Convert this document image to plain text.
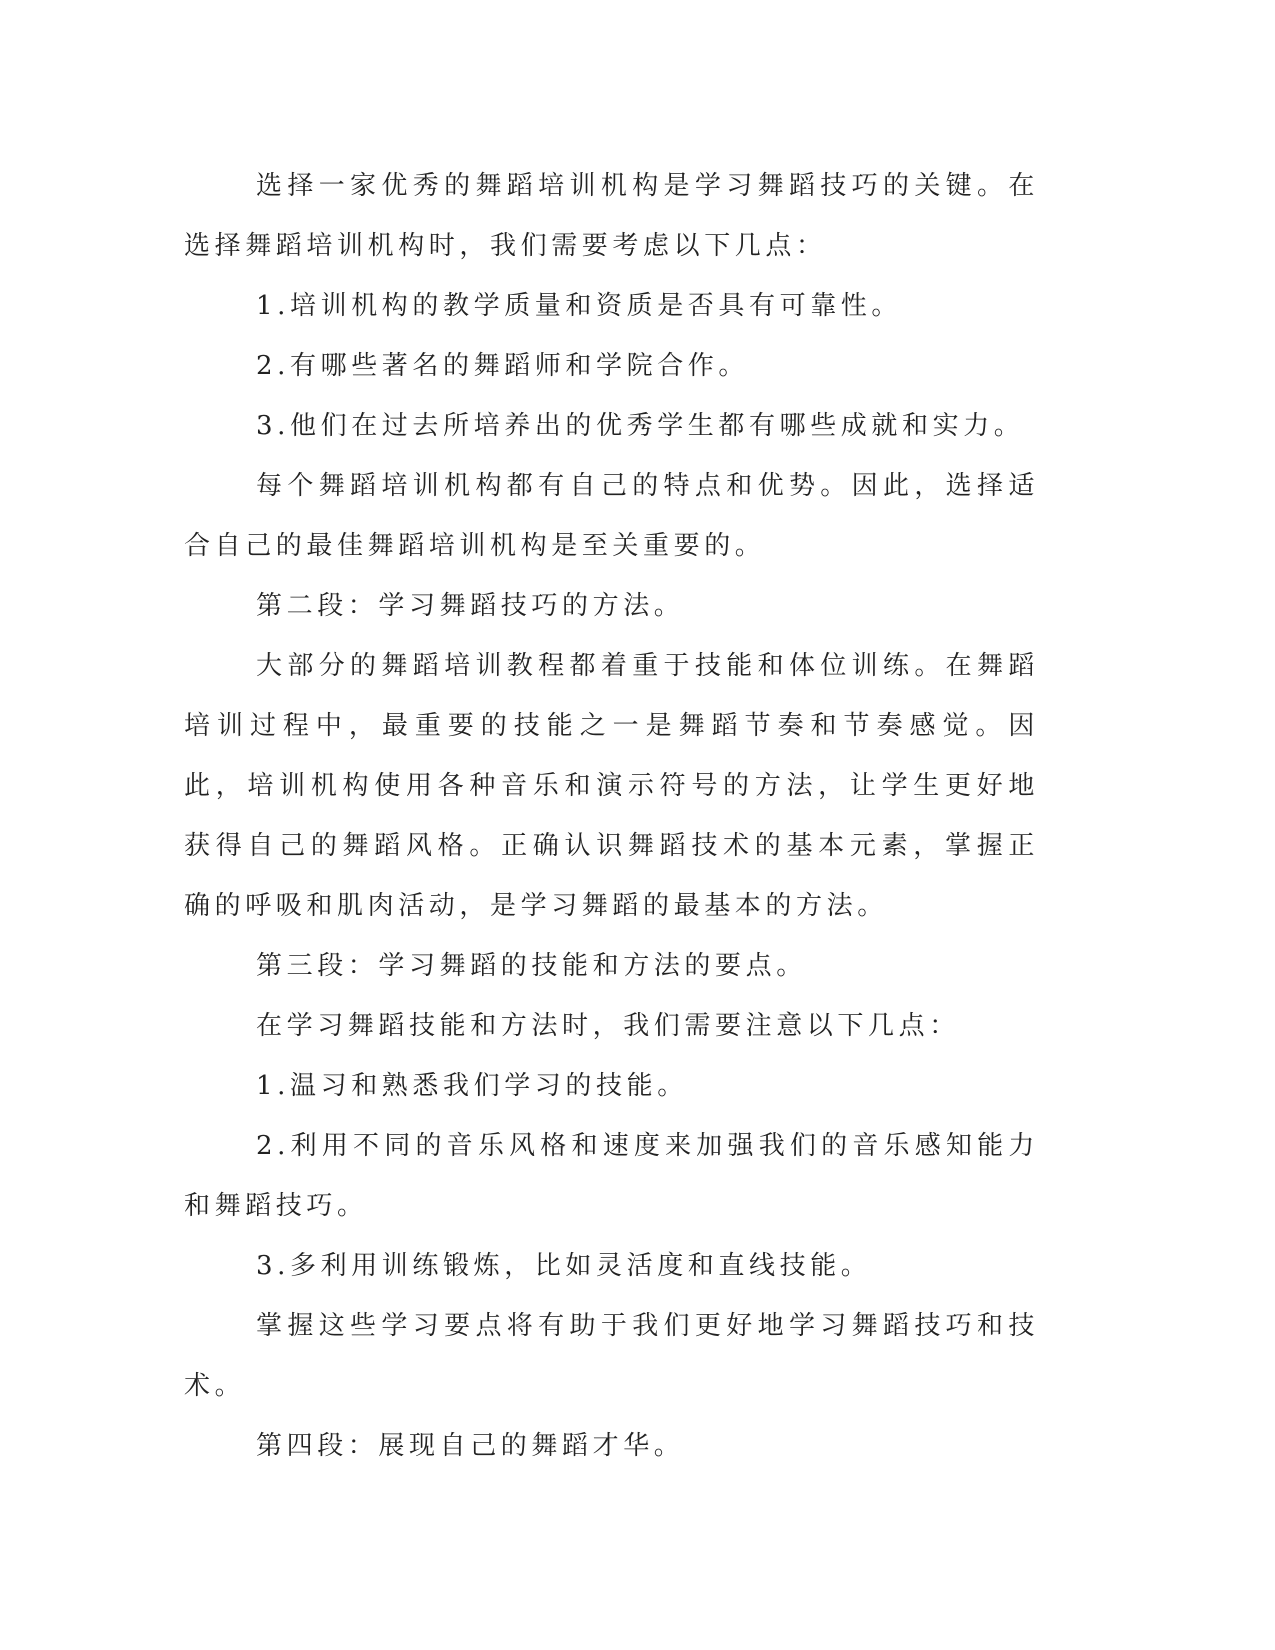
选择一家优秀的舞蹈培训机构是学习舞蹈技巧的关键。在选择舞蹈培训机构时，我们需要考虑以下几点：

1.培训机构的教学质量和资质是否具有可靠性。

2.有哪些著名的舞蹈师和学院合作。

3.他们在过去所培养出的优秀学生都有哪些成就和实力。

每个舞蹈培训机构都有自己的特点和优势。因此，选择适合自己的最佳舞蹈培训机构是至关重要的。

第二段：学习舞蹈技巧的方法。

大部分的舞蹈培训教程都着重于技能和体位训练。在舞蹈培训过程中，最重要的技能之一是舞蹈节奏和节奏感觉。因此，培训机构使用各种音乐和演示符号的方法，让学生更好地获得自己的舞蹈风格。正确认识舞蹈技术的基本元素，掌握正确的呼吸和肌肉活动，是学习舞蹈的最基本的方法。

第三段：学习舞蹈的技能和方法的要点。

在学习舞蹈技能和方法时，我们需要注意以下几点：

1.温习和熟悉我们学习的技能。

2.利用不同的音乐风格和速度来加强我们的音乐感知能力和舞蹈技巧。

3.多利用训练锻炼，比如灵活度和直线技能。

掌握这些学习要点将有助于我们更好地学习舞蹈技巧和技术。

第四段：展现自己的舞蹈才华。
